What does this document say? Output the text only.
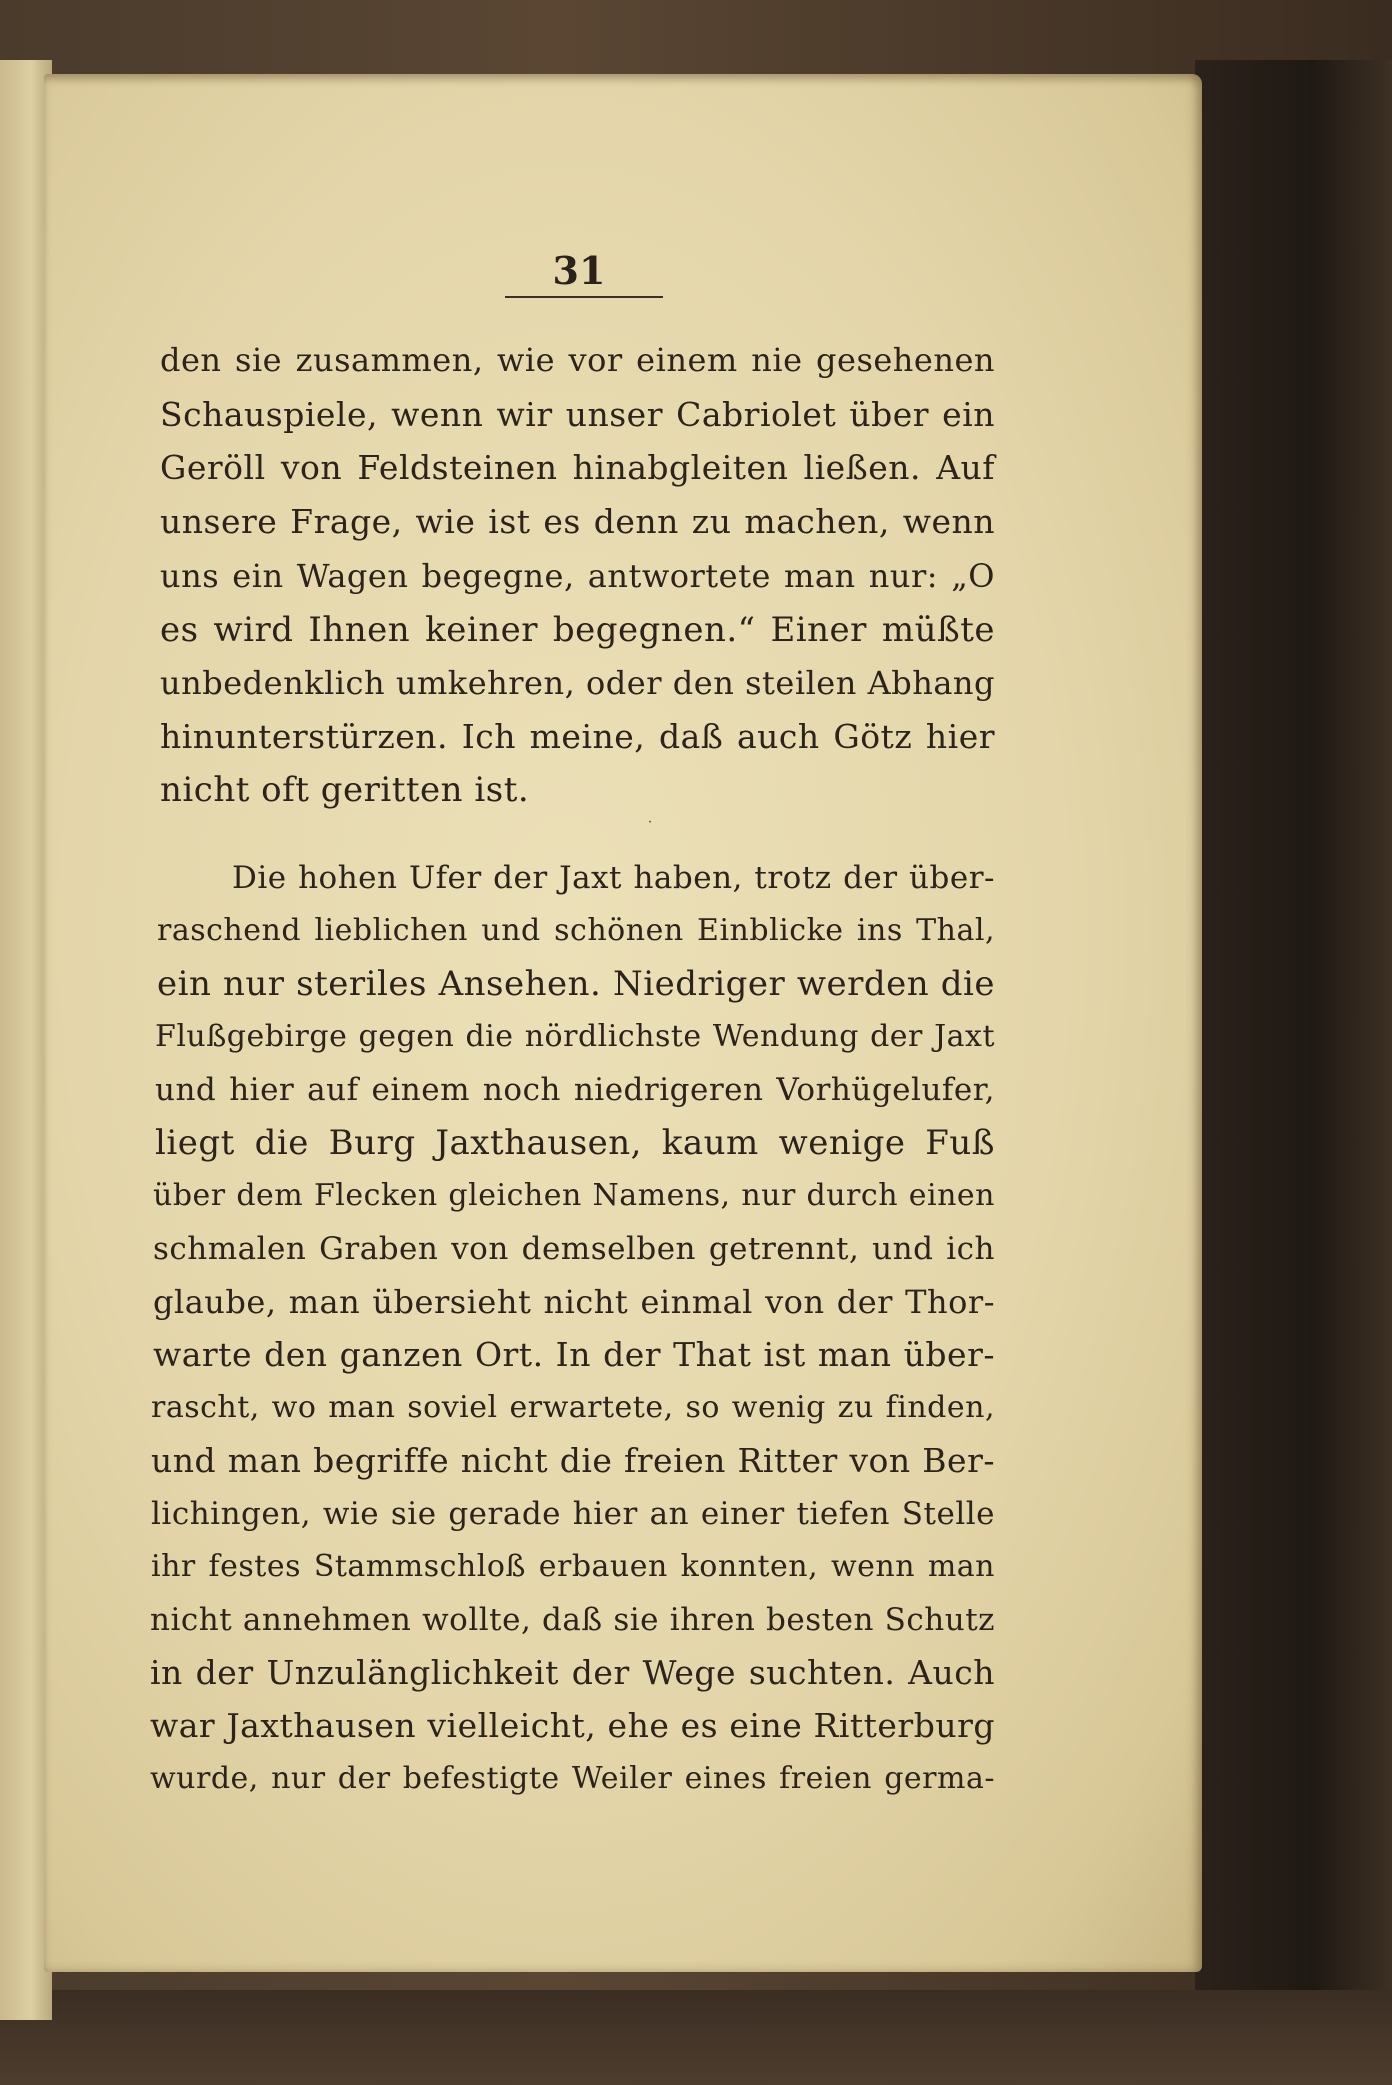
31
den sie zusammen, wie vor einem nie gesehenen
Schauspiele, wenn wir unser Cabriolet über ein
Geröll von Feldsteinen hinabgleiten ließen. Auf
unsere Frage, wie ist es denn zu machen, wenn
uns ein Wagen begegne, antwortete man nur: „O
es wird Ihnen keiner begegnen.“ Einer müßte
unbedenklich umkehren, oder den steilen Abhang
hinunterstürzen. Ich meine, daß auch Götz hier
nicht oft geritten ist.
˙
Die hohen Ufer der Jaxt haben, trotz der über-
raschend lieblichen und schönen Einblicke ins Thal,
ein nur steriles Ansehen. Niedriger werden die
Flußgebirge gegen die nördlichste Wendung der Jaxt
und hier auf einem noch niedrigeren Vorhügelufer,
liegt die Burg Jaxthausen, kaum wenige Fuß
über dem Flecken gleichen Namens, nur durch einen
schmalen Graben von demselben getrennt, und ich
glaube, man übersieht nicht einmal von der Thor-
warte den ganzen Ort. In der That ist man über-
rascht, wo man soviel erwartete, so wenig zu finden,
und man begriffe nicht die freien Ritter von Ber-
lichingen, wie sie gerade hier an einer tiefen Stelle
ihr festes Stammschloß erbauen konnten, wenn man
nicht annehmen wollte, daß sie ihren besten Schutz
in der Unzulänglichkeit der Wege suchten. Auch
war Jaxthausen vielleicht, ehe es eine Ritterburg
wurde, nur der befestigte Weiler eines freien germa-
